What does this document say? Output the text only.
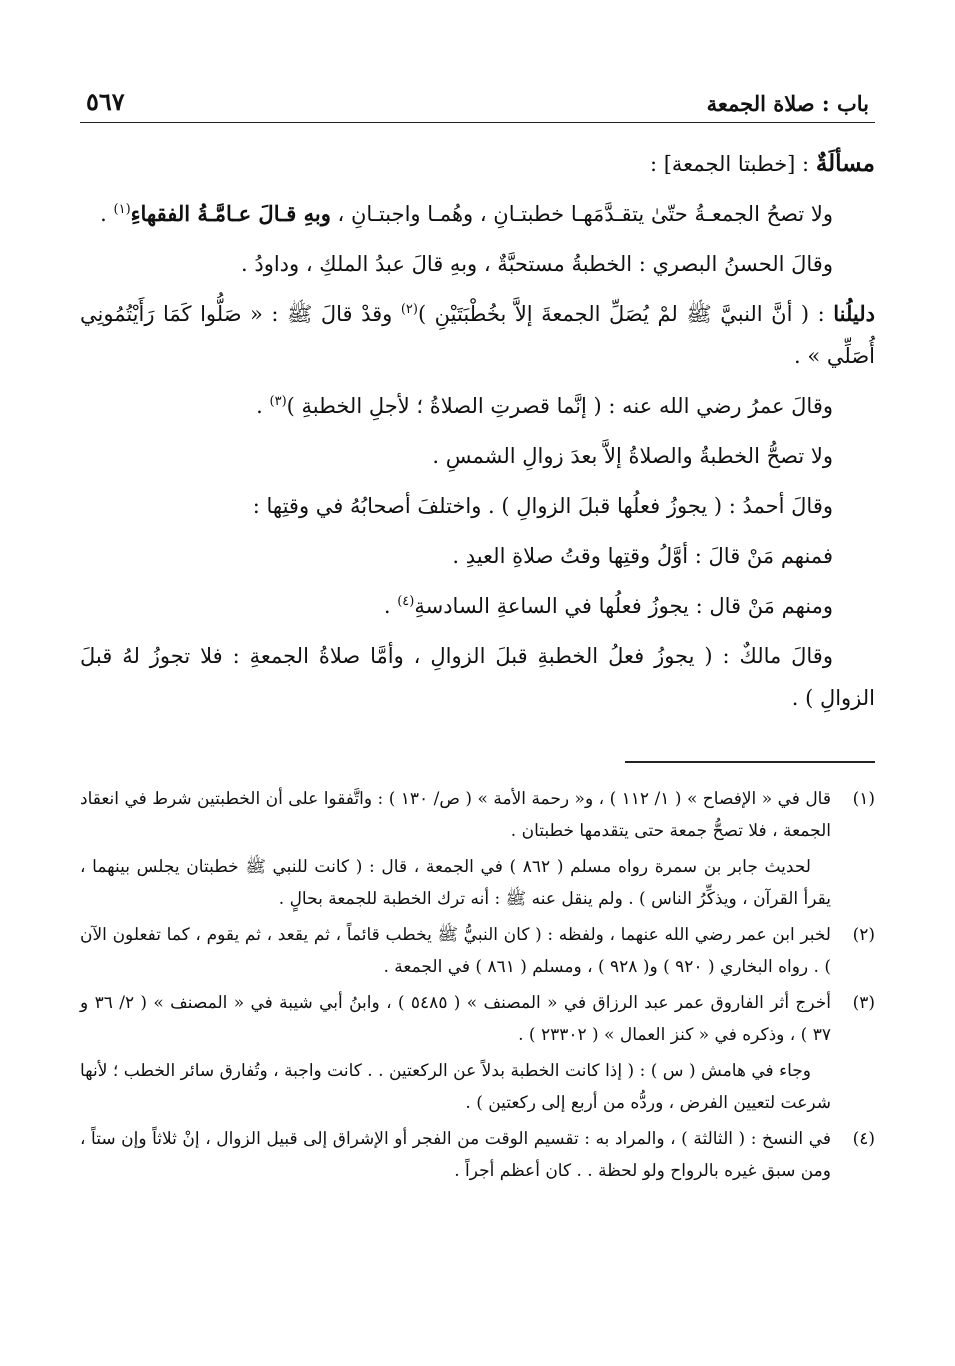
باب : صلاة الجمعة
٥٦٧

مسألَةٌ : [خطبتا الجمعة] :

ولا تصحُ الجمعـةُ حتّىٰ يتقـدَّمَهـا خطبتـانِ ، وهُمـا واجبتـانِ ، وبهِ قـالَ عـامَّـةُ الفقهاءِ$^{(١)}$ .

وقالَ الحسنُ البصري : الخطبةُ مستحبَّةٌ ، وبهِ قالَ عبدُ الملكِ ، وداودُ .

دليلُنا : ( أنَّ النبيَّ ﷺ لمْ يُصَلِّ الجمعةَ إلاَّ بخُطْبَتَيْنِ )$^{(٢)}$ وقدْ قالَ ﷺ : « صَلُّوا كَمَا رَأَيْتُمُونِي أُصَلِّي » .

وقالَ عمرُ رضي الله عنه : ( إنَّما قصرتِ الصلاةُ ؛ لأجلِ الخطبةِ )$^{(٣)}$ .

ولا تصحُّ الخطبةُ والصلاةُ إلاَّ بعدَ زوالِ الشمسِ .

وقالَ أحمدُ : ( يجوزُ فعلُها قبلَ الزوالِ ) . واختلفَ أصحابُهُ في وقتِها :

فمنهم مَنْ قالَ : أوَّلُ وقتِها وقتُ صلاةِ العيدِ .

ومنهم مَنْ قال : يجوزُ فعلُها في الساعةِ السادسةِ$^{(٤)}$ .

وقالَ مالكٌ : ( يجوزُ فعلُ الخطبةِ قبلَ الزوالِ ، وأمَّا صلاةُ الجمعةِ : فلا تجوزُ لهُ قبلَ الزوالِ ) .

(١)

قال في « الإفصاح » ( ١/ ١١٢ ) ، و« رحمة الأمة » ( ص/ ١٣٠ ) : واتَّفقوا على أن الخطبتين شرط في انعقاد الجمعة ، فلا تصحُّ جمعة حتى يتقدمها خطبتان .

لحديث جابر بن سمرة رواه مسلم ( ٨٦٢ ) في الجمعة ، قال : ( كانت للنبي ﷺ خطبتان يجلس بينهما ، يقرأ القرآن ، ويذكِّرُ الناس ) . ولم ينقل عنه ﷺ : أنه ترك الخطبة للجمعة بحالٍ .

(٢)

لخبر ابن عمر رضي الله عنهما ، ولفظه : ( كان النبيُّ ﷺ يخطب قائماً ، ثم يقعد ، ثم يقوم ، كما تفعلون الآن ) . رواه البخاري ( ٩٢٠ ) و( ٩٢٨ ) ، ومسلم ( ٨٦١ ) في الجمعة .

(٣)

أخرج أثر الفاروق عمر عبد الرزاق في « المصنف » ( ٥٤٨٥ ) ، وابنُ أبي شيبة في « المصنف » ( ٢/ ٣٦ و ٣٧ ) ، وذكره في « كنز العمال » ( ٢٣٣٠٢ ) .

وجاء في هامش ( س ) : ( إذا كانت الخطبة بدلاً عن الركعتين . . كانت واجبة ، وتُفارق سائر الخطب ؛ لأنها شرعت لتعيين الفرض ، وردُّه من أربع إلى ركعتين ) .

(٤)

في النسخ : ( الثالثة ) ، والمراد به : تقسيم الوقت من الفجر أو الإشراق إلى قبيل الزوال ، إنْ ثلاثاً وإن ستاً ، ومن سبق غيره بالرواح ولو لحظة . . كان أعظم أجراً .
